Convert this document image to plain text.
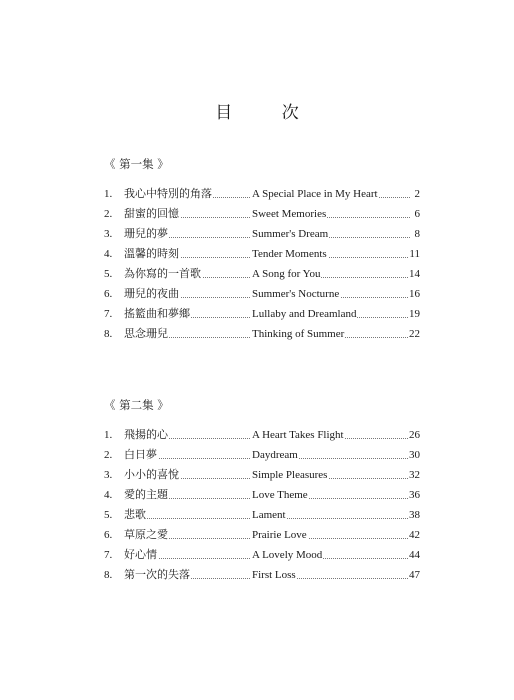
目 次
《 第一集 》
1.	我心中特別的角落	A Special Place in My Heart	2
2.	甜蜜的回憶	Sweet Memories	6
3.	珊兒的夢	Summer's Dream	8
4.	溫馨的時刻	Tender Moments	11
5.	為你寫的一首歌	A Song for You	14
6.	珊兒的夜曲	Summer's Nocturne	16
7.	搖籃曲和夢鄉	Lullaby and Dreamland	19
8.	思念珊兒	Thinking of Summer	22
《 第二集 》
1.	飛揚的心	A Heart Takes Flight	26
2.	白日夢	Daydream	30
3.	小小的喜悅	Simple Pleasures	32
4.	愛的主題	Love Theme	36
5.	悲歌	Lament	38
6.	草原之愛	Prairie Love	42
7.	好心情	A Lovely Mood	44
8.	第一次的失落	First Loss	47
